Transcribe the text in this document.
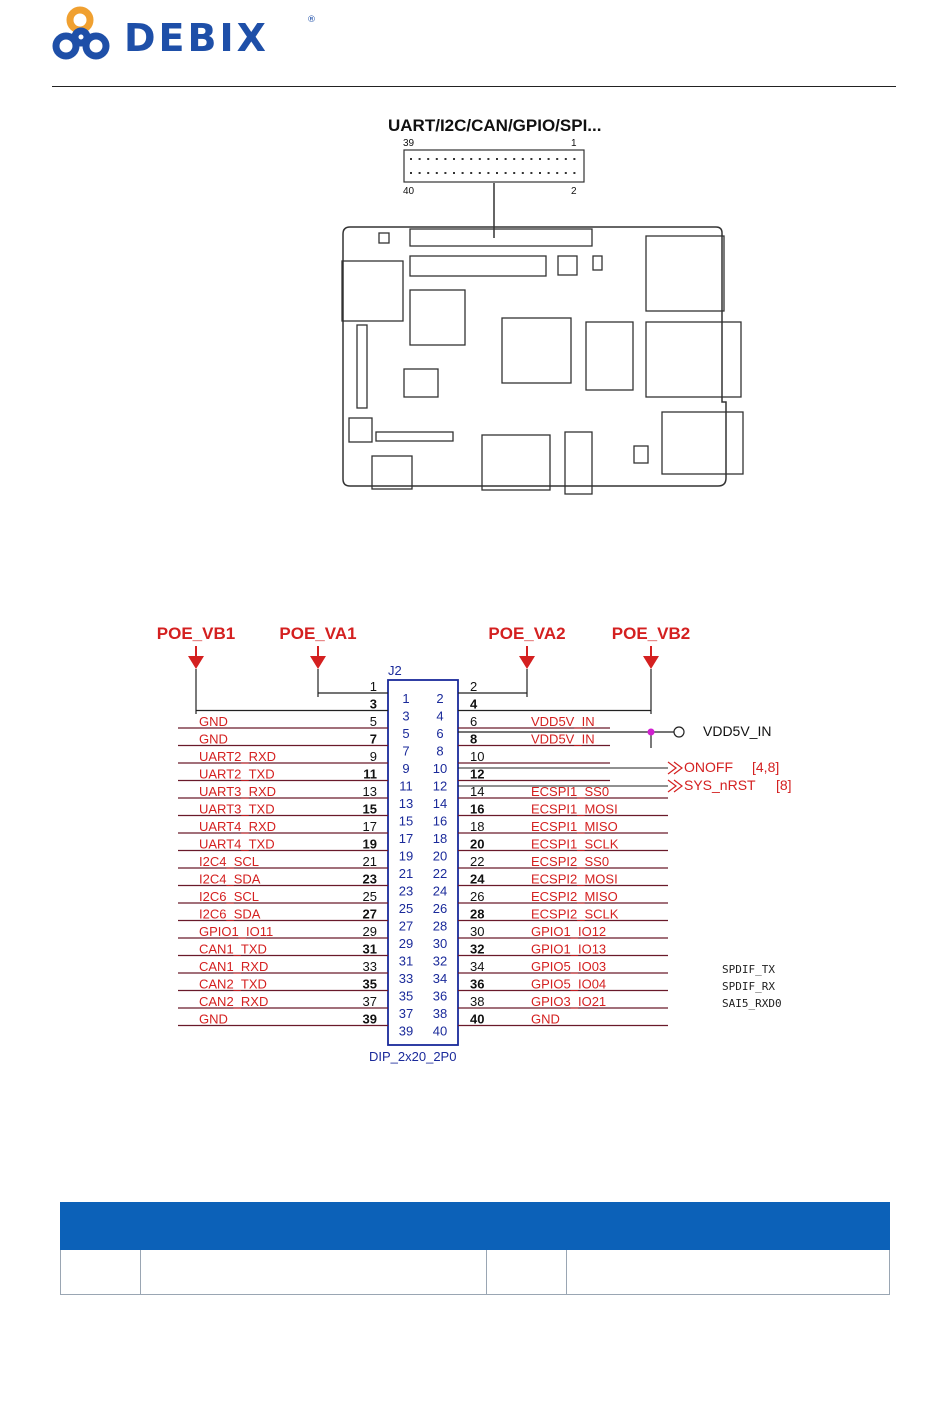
DEBIX	®
UART/I2C/CAN/GPIO/SPI...
39	1
40	2
POE_VB1	POE_VA1	POE_VA2	POE_VB2
J2
DIP_2x20_2P0
1	2
1 2
3	4
3 4
5	6
GND	VDD5V_IN
5 6
7	8
GND	VDD5V_IN
7 8
9	10
UART2_RXD
9 10
11	12
UART2_TXD
11 12
13	14
UART3_RXD	ECSPI1_SS0
13 14
15	16
UART3_TXD	ECSPI1_MOSI
15 16
17	18
UART4_RXD	ECSPI1_MISO
17 18
19	20
UART4_TXD	ECSPI1_SCLK
19 20
21	22
I2C4_SCL	ECSPI2_SS0
21 22
23	24
I2C4_SDA	ECSPI2_MOSI
23 24
25	26
I2C6_SCL	ECSPI2_MISO
25 26
27	28
I2C6_SDA	ECSPI2_SCLK
27 28
29	30
GPIO1_IO11	GPIO1_IO12
29 30
31	32
CAN1_TXD	GPIO1_IO13
31 32
33	34
CAN1_RXD	GPIO5_IO03
33 34
35	36
CAN2_TXD	GPIO5_IO04
35 36
37	38
CAN2_RXD	GPIO3_IO21
37 38
39	40
GND	GND
39 40
VDD5V_IN
ONOFF [4,8]
SYS_nRST [8]
SPDIF_TX
SPDIF_RX
SAI5_RXD0
